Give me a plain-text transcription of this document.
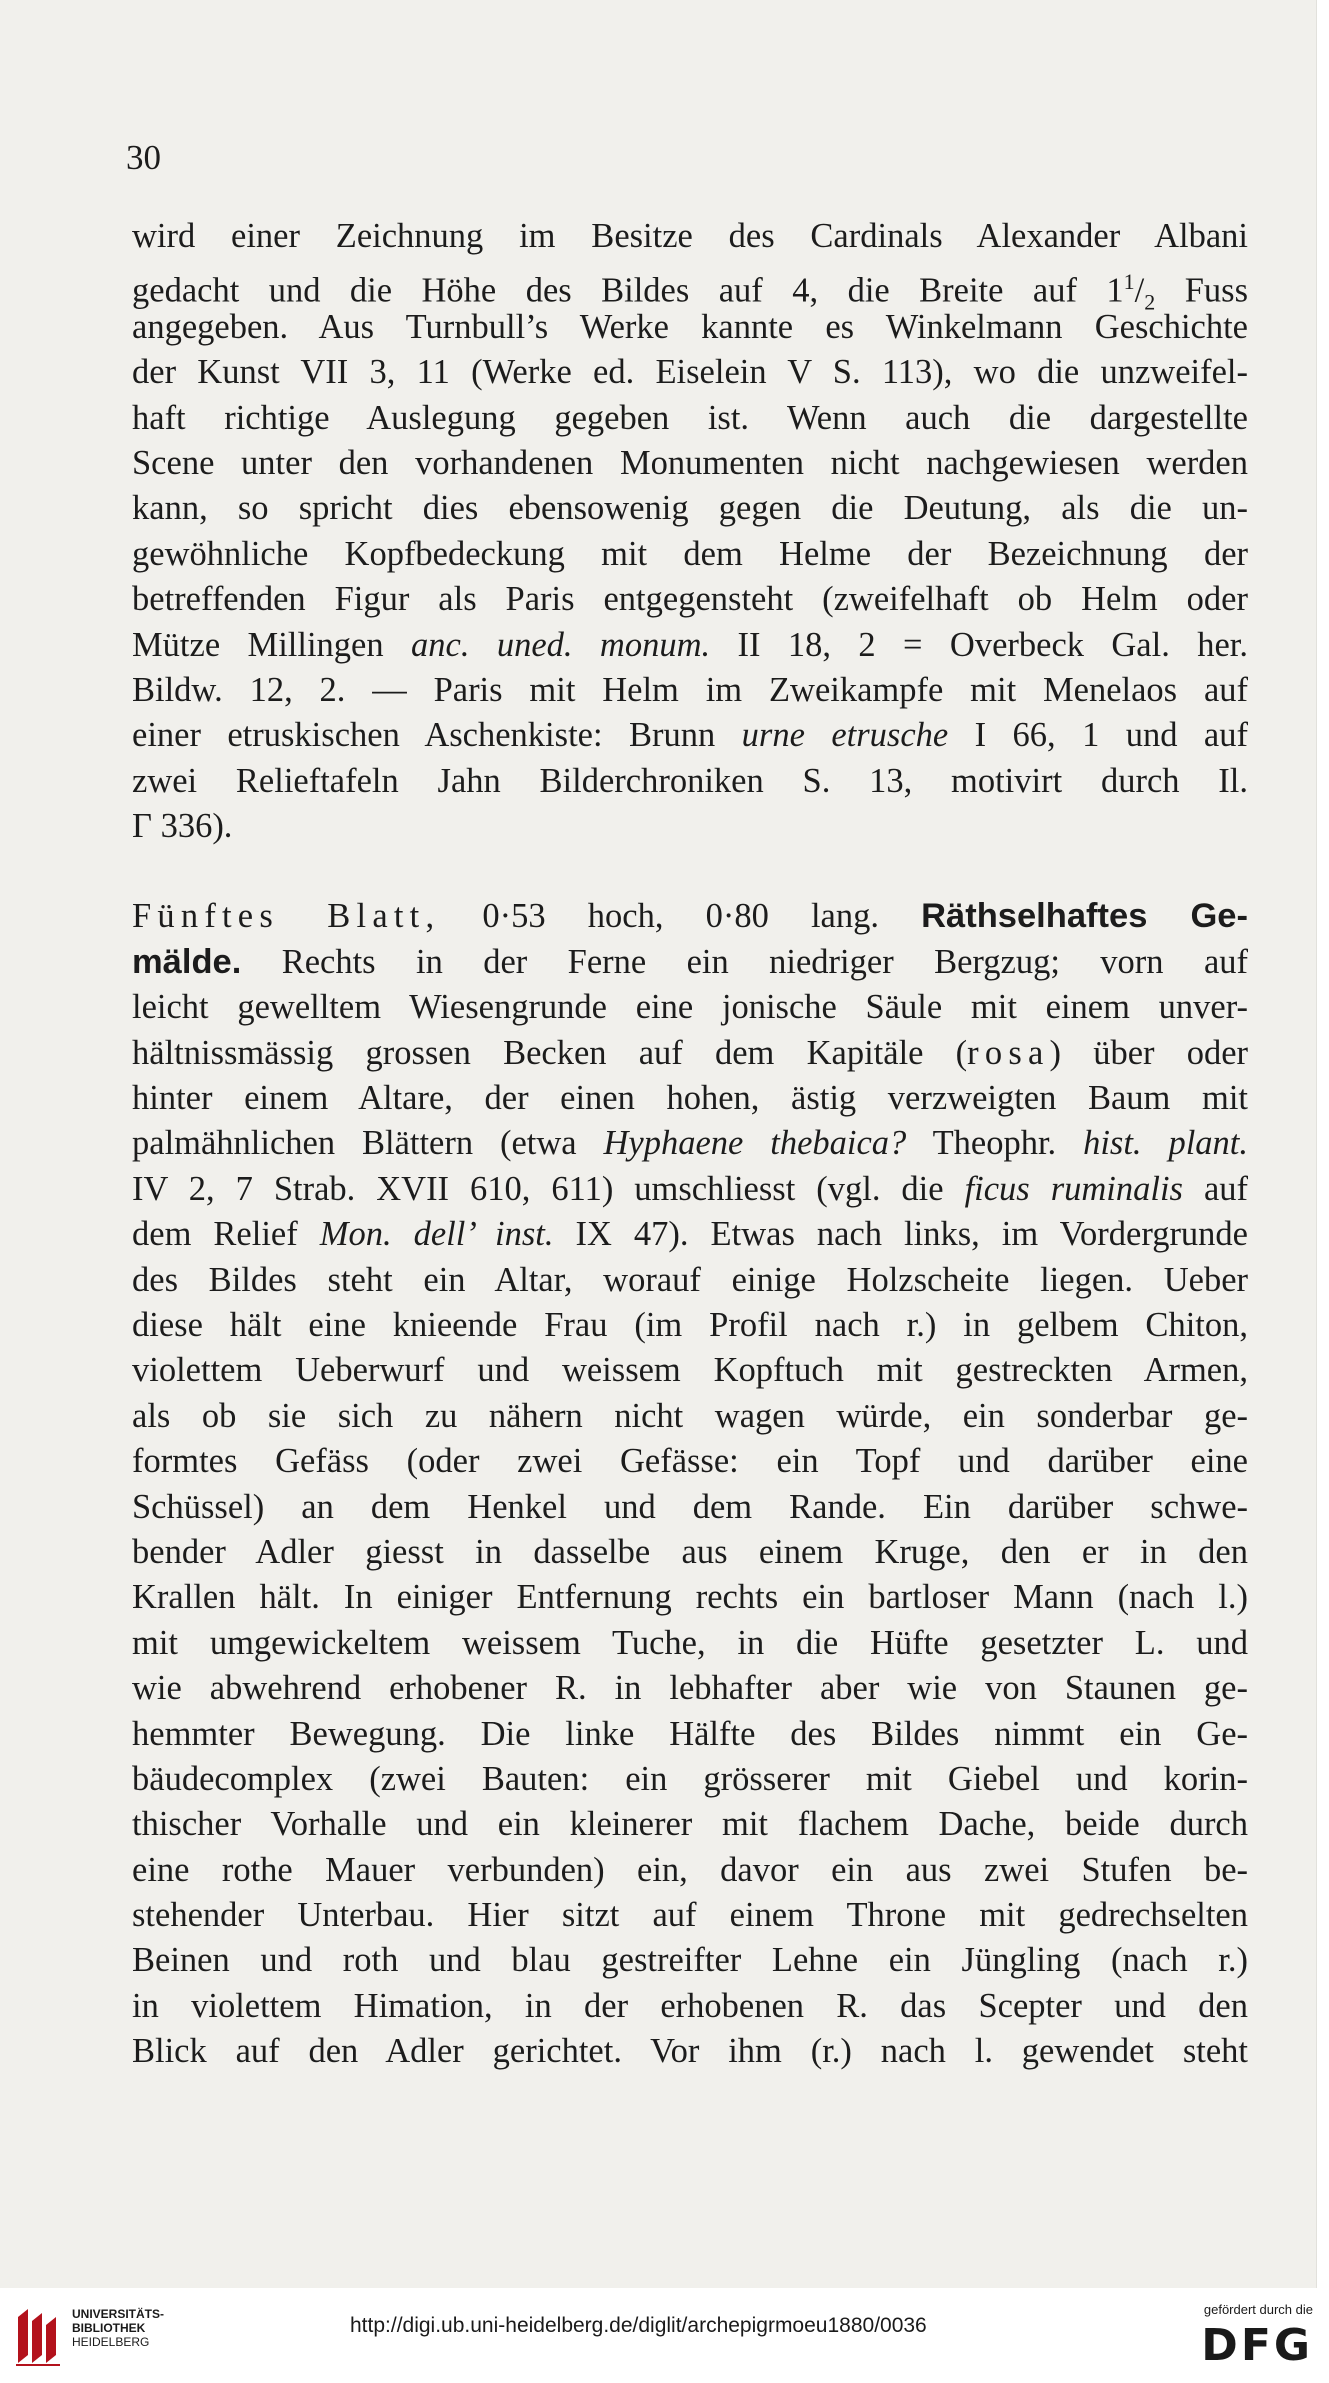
30
wird einer Zeichnung im Besitze des Cardinals Alexander Albani
gedacht und die Höhe des Bildes auf 4, die Breite auf $1^1/_2$ Fuss
angegeben. Aus Turnbull’s Werke kannte es Winkelmann Geschichte
der Kunst VII 3, 11 (Werke ed. Eiselein V S. 113), wo die unzweifel-
haft richtige Auslegung gegeben ist. Wenn auch die dargestellte
Scene unter den vorhandenen Monumenten nicht nachgewiesen werden
kann, so spricht dies ebensowenig gegen die Deutung, als die un-
gewöhnliche Kopfbedeckung mit dem Helme der Bezeichnung der
betreffenden Figur als Paris entgegensteht (zweifelhaft ob Helm oder
Mütze Millingen anc. uned. monum. II 18, 2 = Overbeck Gal. her.
Bildw. 12, 2. — Paris mit Helm im Zweikampfe mit Menelaos auf
einer etruskischen Aschenkiste: Brunn urne etrusche I 66, 1 und auf
zwei Relieftafeln Jahn Bilderchroniken S. 13, motivirt durch Il.
Γ 336).
Fünftes Blatt, 0·53 hoch, 0·80 lang. Räthselhaftes Ge-
mälde. Rechts in der Ferne ein niedriger Bergzug; vorn auf
leicht gewelltem Wiesengrunde eine jonische Säule mit einem unver-
hältnissmässig grossen Becken auf dem Kapitäle (rosa) über oder
hinter einem Altare, der einen hohen, ästig verzweigten Baum mit
palmähnlichen Blättern (etwa Hyphaene thebaica? Theophr. hist. plant.
IV 2, 7 Strab. XVII 610, 611) umschliesst (vgl. die ficus ruminalis auf
dem Relief Mon. dell’ inst. IX 47). Etwas nach links, im Vordergrunde
des Bildes steht ein Altar, worauf einige Holzscheite liegen. Ueber
diese hält eine knieende Frau (im Profil nach r.) in gelbem Chiton,
violettem Ueberwurf und weissem Kopftuch mit gestreckten Armen,
als ob sie sich zu nähern nicht wagen würde, ein sonderbar ge-
formtes Gefäss (oder zwei Gefässe: ein Topf und darüber eine
Schüssel) an dem Henkel und dem Rande. Ein darüber schwe-
bender Adler giesst in dasselbe aus einem Kruge, den er in den
Krallen hält. In einiger Entfernung rechts ein bartloser Mann (nach l.)
mit umgewickeltem weissem Tuche, in die Hüfte gesetzter L. und
wie abwehrend erhobener R. in lebhafter aber wie von Staunen ge-
hemmter Bewegung. Die linke Hälfte des Bildes nimmt ein Ge-
bäudecomplex (zwei Bauten: ein grösserer mit Giebel und korin-
thischer Vorhalle und ein kleinerer mit flachem Dache, beide durch
eine rothe Mauer verbunden) ein, davor ein aus zwei Stufen be-
stehender Unterbau. Hier sitzt auf einem Throne mit gedrechselten
Beinen und roth und blau gestreifter Lehne ein Jüngling (nach r.)
in violettem Himation, in der erhobenen R. das Scepter und den
Blick auf den Adler gerichtet. Vor ihm (r.) nach l. gewendet steht
UNIVERSITÄTS-
BIBLIOTHEK
HEIDELBERG
http://digi.ub.uni-heidelberg.de/diglit/archepigrmoeu1880/0036
gefördert durch die
DFG
